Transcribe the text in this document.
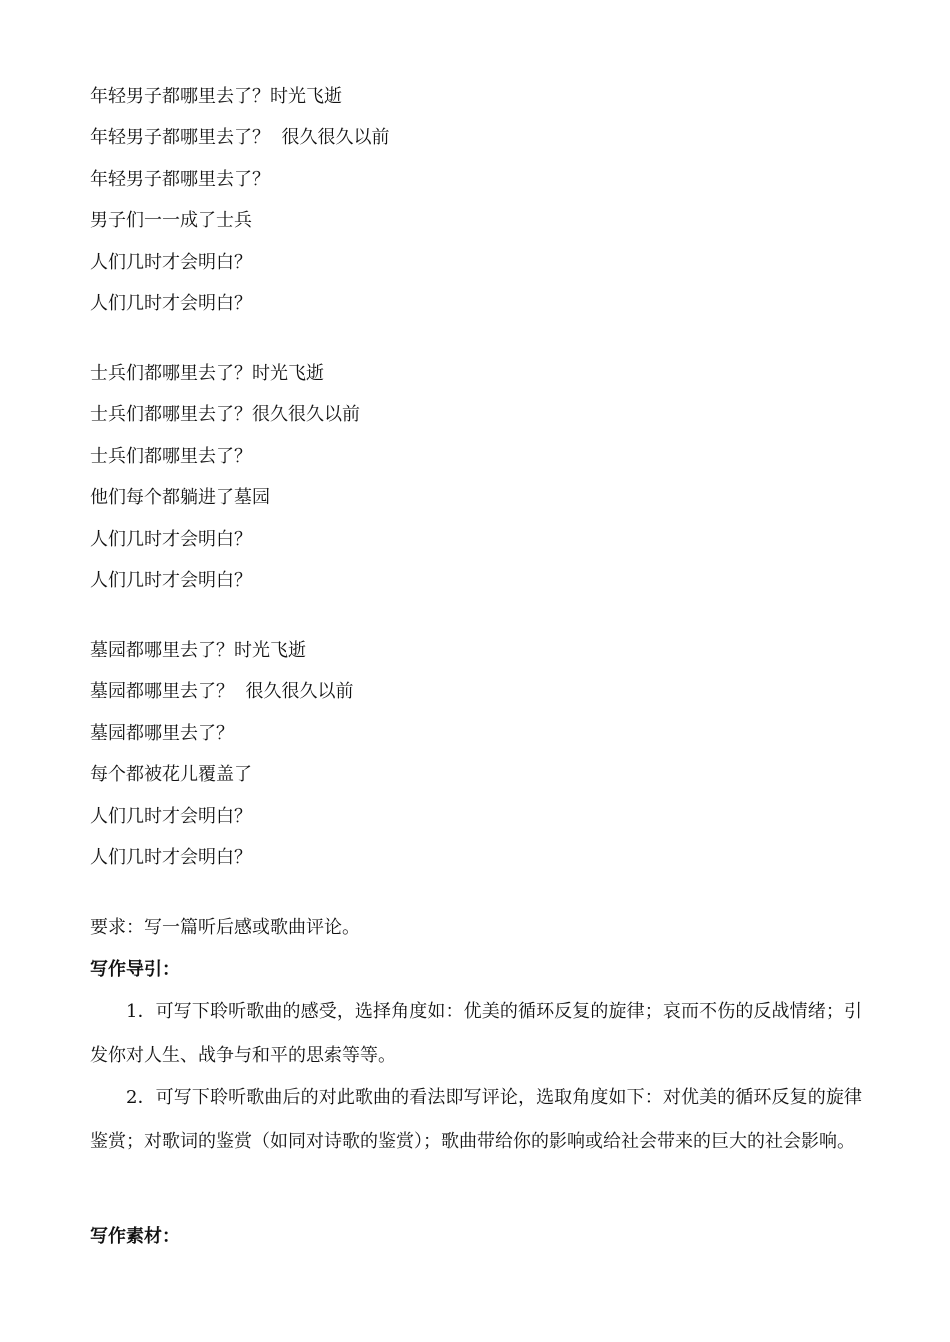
年轻男子都哪里去了？时光飞逝
年轻男子都哪里去了？  很久很久以前
年轻男子都哪里去了？
男子们一一成了士兵
人们几时才会明白？
人们几时才会明白？
士兵们都哪里去了？时光飞逝
士兵们都哪里去了？很久很久以前
士兵们都哪里去了？
他们每个都躺进了墓园
人们几时才会明白？
人们几时才会明白？
墓园都哪里去了？时光飞逝
墓园都哪里去了？  很久很久以前
墓园都哪里去了？
每个都被花儿覆盖了
人们几时才会明白？
人们几时才会明白？
要求：写一篇听后感或歌曲评论。
写作导引：
1．可写下聆听歌曲的感受，选择角度如：优美的循环反复的旋律；哀而不伤的反战情绪；引发你对人生、战争与和平的思索等等。
2．可写下聆听歌曲后的对此歌曲的看法即写评论，选取角度如下：对优美的循环反复的旋律鉴赏；对歌词的鉴赏（如同对诗歌的鉴赏）；歌曲带给你的影响或给社会带来的巨大的社会影响。
写作素材：
